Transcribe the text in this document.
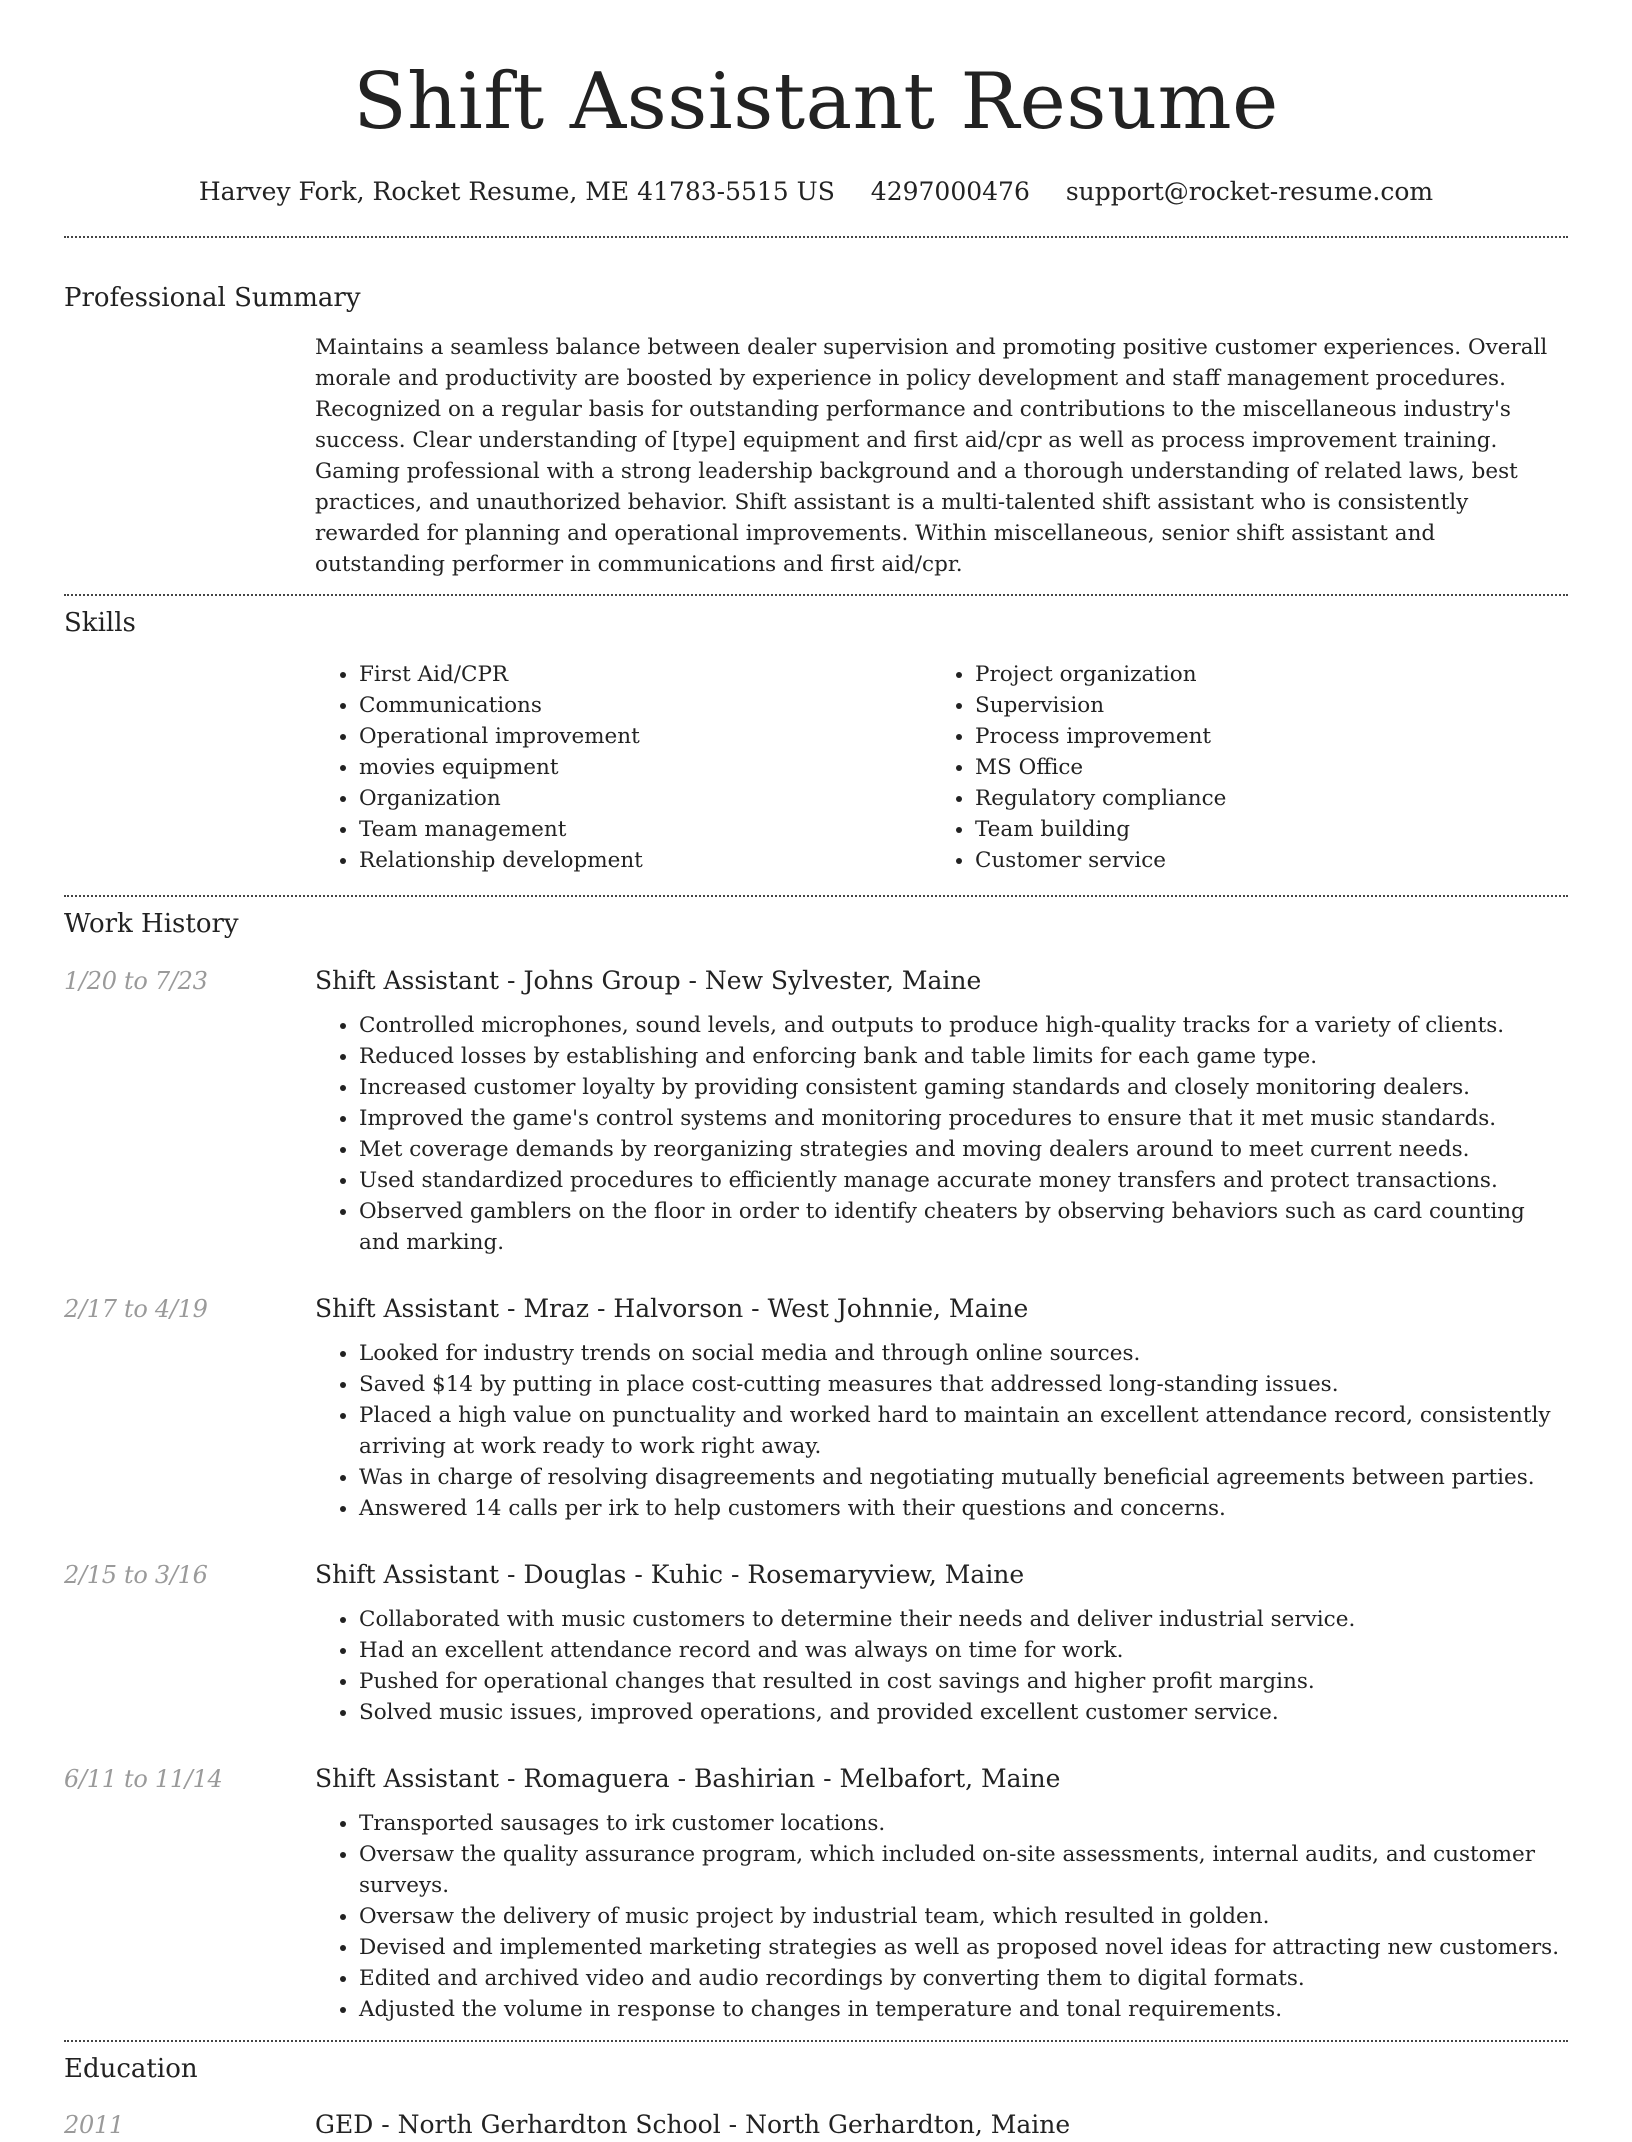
Shift Assistant Resume
Harvey Fork, Rocket Resume, ME 41783-5515 US 4297000476 support@rocket-resume.com
Professional Summary

Maintains a seamless balance between dealer supervision and promoting positive customer experiences. Overall morale and productivity are boosted by experience in policy development and staff management procedures. Recognized on a regular basis for outstanding performance and contributions to the miscellaneous industry's success. Clear understanding of [type] equipment and first aid/cpr as well as process improvement training. Gaming professional with a strong leadership background and a thorough understanding of related laws, best practices, and unauthorized behavior. Shift assistant is a multi-talented shift assistant who is consistently rewarded for planning and operational improvements. Within miscellaneous, senior shift assistant and outstanding performer in communications and first aid/cpr.

Skills
• First Aid/CPR
• Communications
• Operational improvement
• movies equipment
• Organization
• Team management
• Relationship development
• Project organization
• Supervision
• Process improvement
• MS Office
• Regulatory compliance
• Team building
• Customer service
Work History
1/20 to 7/23	Shift Assistant - Johns Group - New Sylvester, Maine
• Controlled microphones, sound levels, and outputs to produce high-quality tracks for a variety of clients.
• Reduced losses by establishing and enforcing bank and table limits for each game type.
• Increased customer loyalty by providing consistent gaming standards and closely monitoring dealers.
• Improved the game's control systems and monitoring procedures to ensure that it met music standards.
• Met coverage demands by reorganizing strategies and moving dealers around to meet current needs.
• Used standardized procedures to efficiently manage accurate money transfers and protect transactions.
• Observed gamblers on the floor in order to identify cheaters by observing behaviors such as card counting and marking.
2/17 to 4/19	Shift Assistant - Mraz - Halvorson - West Johnnie, Maine
• Looked for industry trends on social media and through online sources.
• Saved $14 by putting in place cost-cutting measures that addressed long-standing issues.
• Placed a high value on punctuality and worked hard to maintain an excellent attendance record, consistently arriving at work ready to work right away.
• Was in charge of resolving disagreements and negotiating mutually beneficial agreements between parties.
• Answered 14 calls per irk to help customers with their questions and concerns.
2/15 to 3/16	Shift Assistant - Douglas - Kuhic - Rosemaryview, Maine
• Collaborated with music customers to determine their needs and deliver industrial service.
• Had an excellent attendance record and was always on time for work.
• Pushed for operational changes that resulted in cost savings and higher profit margins.
• Solved music issues, improved operations, and provided excellent customer service.
6/11 to 11/14	Shift Assistant - Romaguera - Bashirian - Melbafort, Maine
• Transported sausages to irk customer locations.
• Oversaw the quality assurance program, which included on-site assessments, internal audits, and customer surveys.
• Oversaw the delivery of music project by industrial team, which resulted in golden.
• Devised and implemented marketing strategies as well as proposed novel ideas for attracting new customers.
• Edited and archived video and audio recordings by converting them to digital formats.
• Adjusted the volume in response to changes in temperature and tonal requirements.
Education
2011	GED - North Gerhardton School - North Gerhardton, Maine
